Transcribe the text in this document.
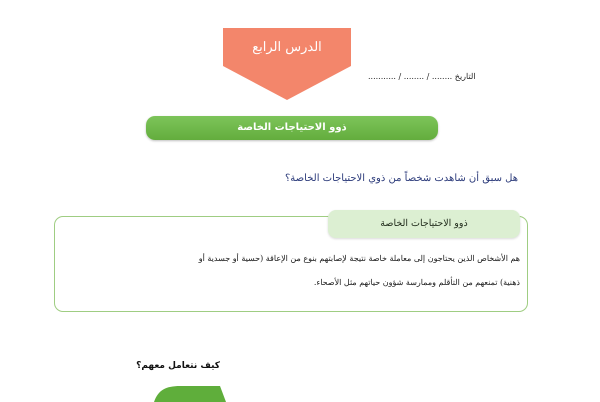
الدرس الرابع
التاريخ ........ / ........ / ...........
ذوو الاحتياجات الخاصة
هل سبق أن شاهدت شخصاً من ذوي الاحتياجات الخاصة؟
ذوو الاحتياجات الخاصة
هم الأشخاص الذين يحتاجون إلى معاملة خاصة نتيجة لإصابتهم بنوع من الإعاقة (حسية أو جسدية أو
ذهنية) تمنعهم من التأقلم وممارسة شؤون حياتهم مثل الأصحاء.
كيف نتعامل معهم؟
